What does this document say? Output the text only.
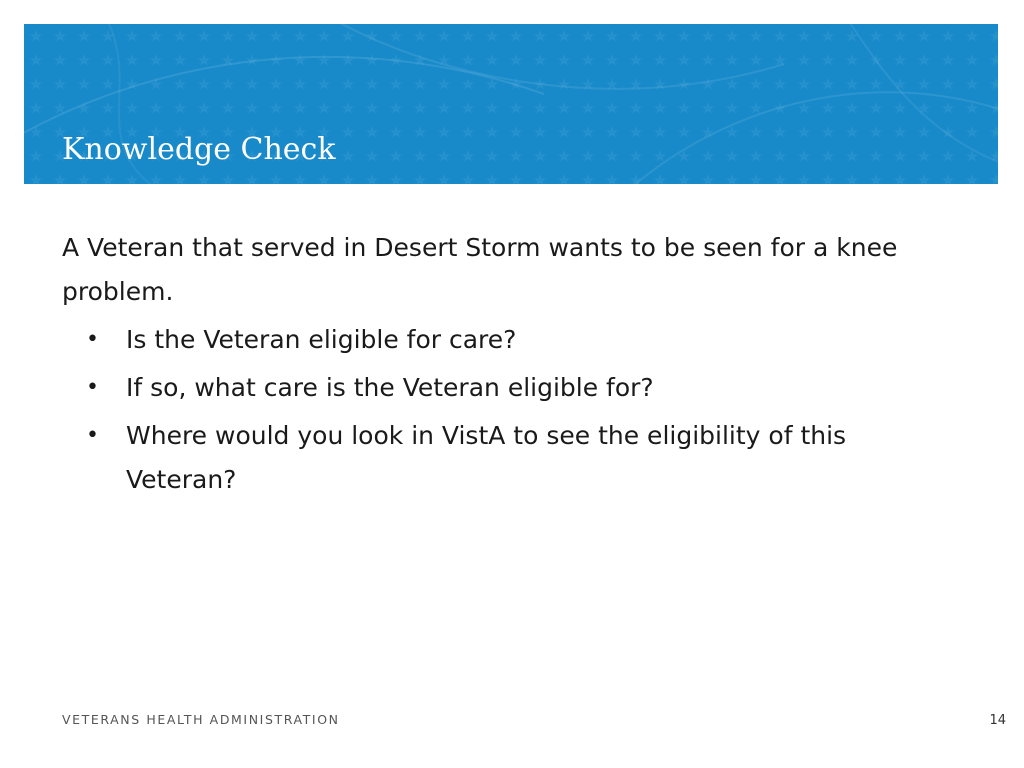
Knowledge Check

A Veteran that served in Desert Storm wants to be seen for a knee problem.

• Is the Veteran eligible for care?
• If so, what care is the Veteran eligible for?
• Where would you look in VistA to see the eligibility of this Veteran?
VETERANS HEALTH ADMINISTRATION	14
